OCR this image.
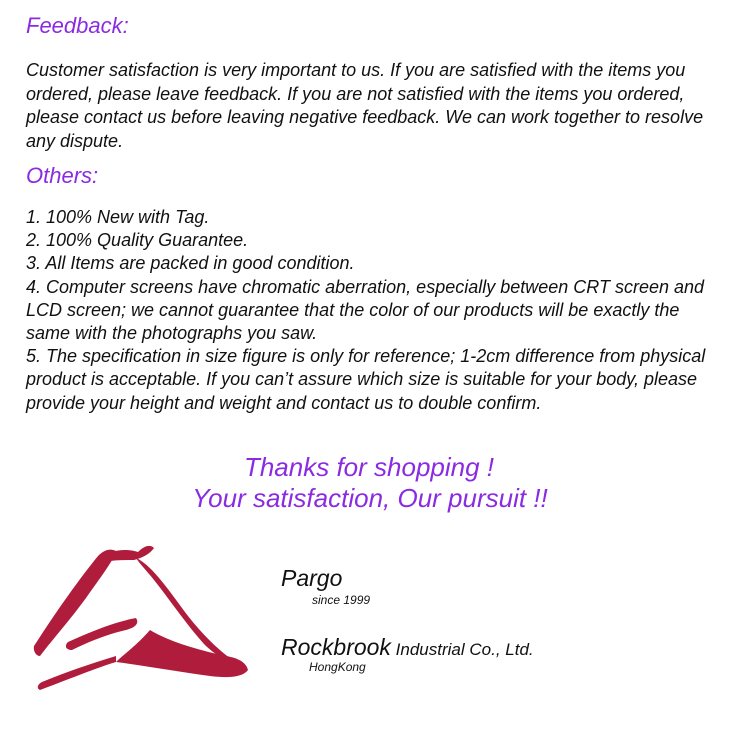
Feedback:

Customer satisfaction is very important to us. If you are satisfied with the items you ordered, please leave feedback. If you are not satisfied with the items you ordered, please contact us before leaving negative feedback. We can work together to resolve any dispute.

Others:
1. 100% New with Tag.
2. 100% Quality Guarantee.
3. All Items are packed in good condition.
4. Computer screens have chromatic aberration, especially between CRT screen and LCD screen; we cannot guarantee that the color of our products will be exactly the same with the photographs you saw.
5. The specification in size figure is only for reference; 1-2cm difference from physical product is acceptable. If you can’t assure which size is suitable for your body, please provide your height and weight and contact us to double confirm.

Thanks for shopping !

Your satisfaction, Our pursuit !!

Pargo

since 1999

Rockbrook Industrial Co., Ltd.

HongKong
